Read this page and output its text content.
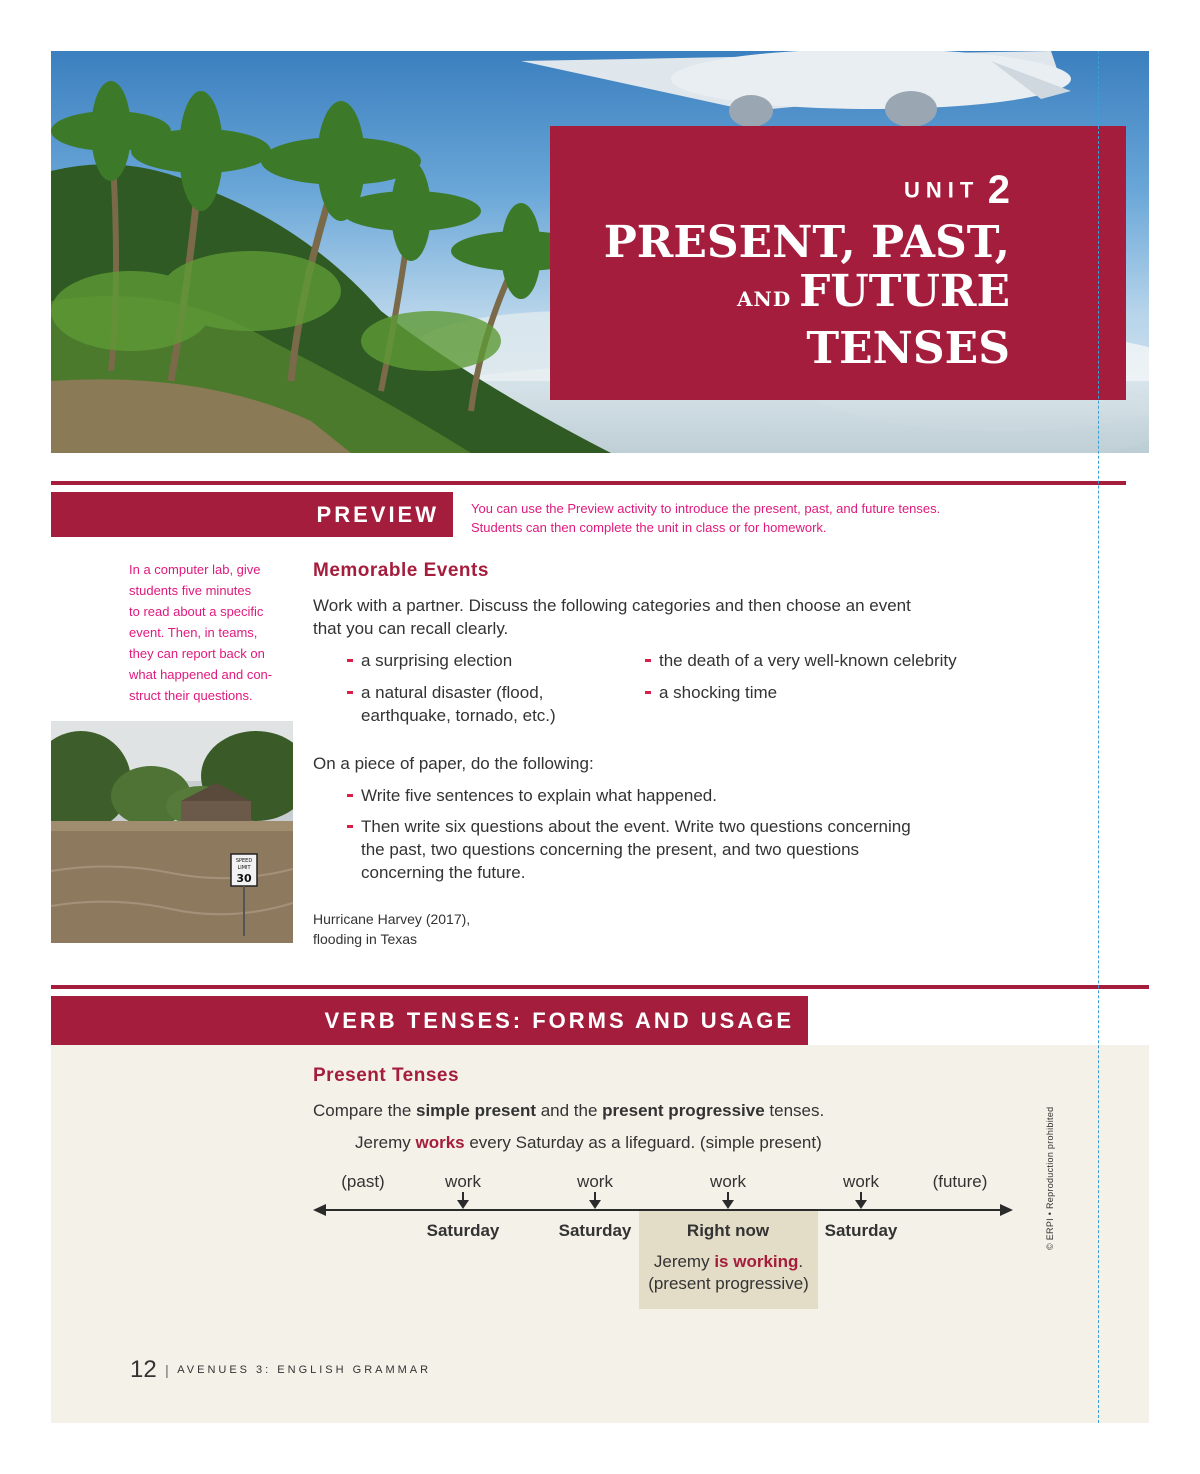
UNIT 2
PRESENT, PAST,
AND FUTURE
TENSES
PREVIEW You can use the Preview activity to introduce the present, past, and future tenses.
Students can then complete the unit in class or for homework.
In a computer lab, give
students five minutes
to read about a specific
event. Then, in teams,
they can report back on
what happened and con-
struct their questions.
Memorable Events
Work with a partner. Discuss the following categories and then choose an event
that you can recall clearly.
a surprising election
a natural disaster (flood,
earthquake, tornado, etc.)
the death of a very well-known celebrity
a shocking time
On a piece of paper, do the following:
Write five sentences to explain what happened.
Then write six questions about the event. Write two questions concerning
the past, two questions concerning the present, and two questions
concerning the future.
SPEED
LIMIT
30
Hurricane Harvey (2017),
flooding in Texas
VERB TENSES: FORMS AND USAGE
Present Tenses
Compare the simple present and the present progressive tenses.
Jeremy works every Saturday as a lifeguard. (simple present)
(past)	(future)
work	work	work	work
Saturday	Saturday	Right now	Saturday
Jeremy is working.
(present progressive)
12 | AVENUES 3: ENGLISH GRAMMAR
© ERPI • Reproduction prohibited
